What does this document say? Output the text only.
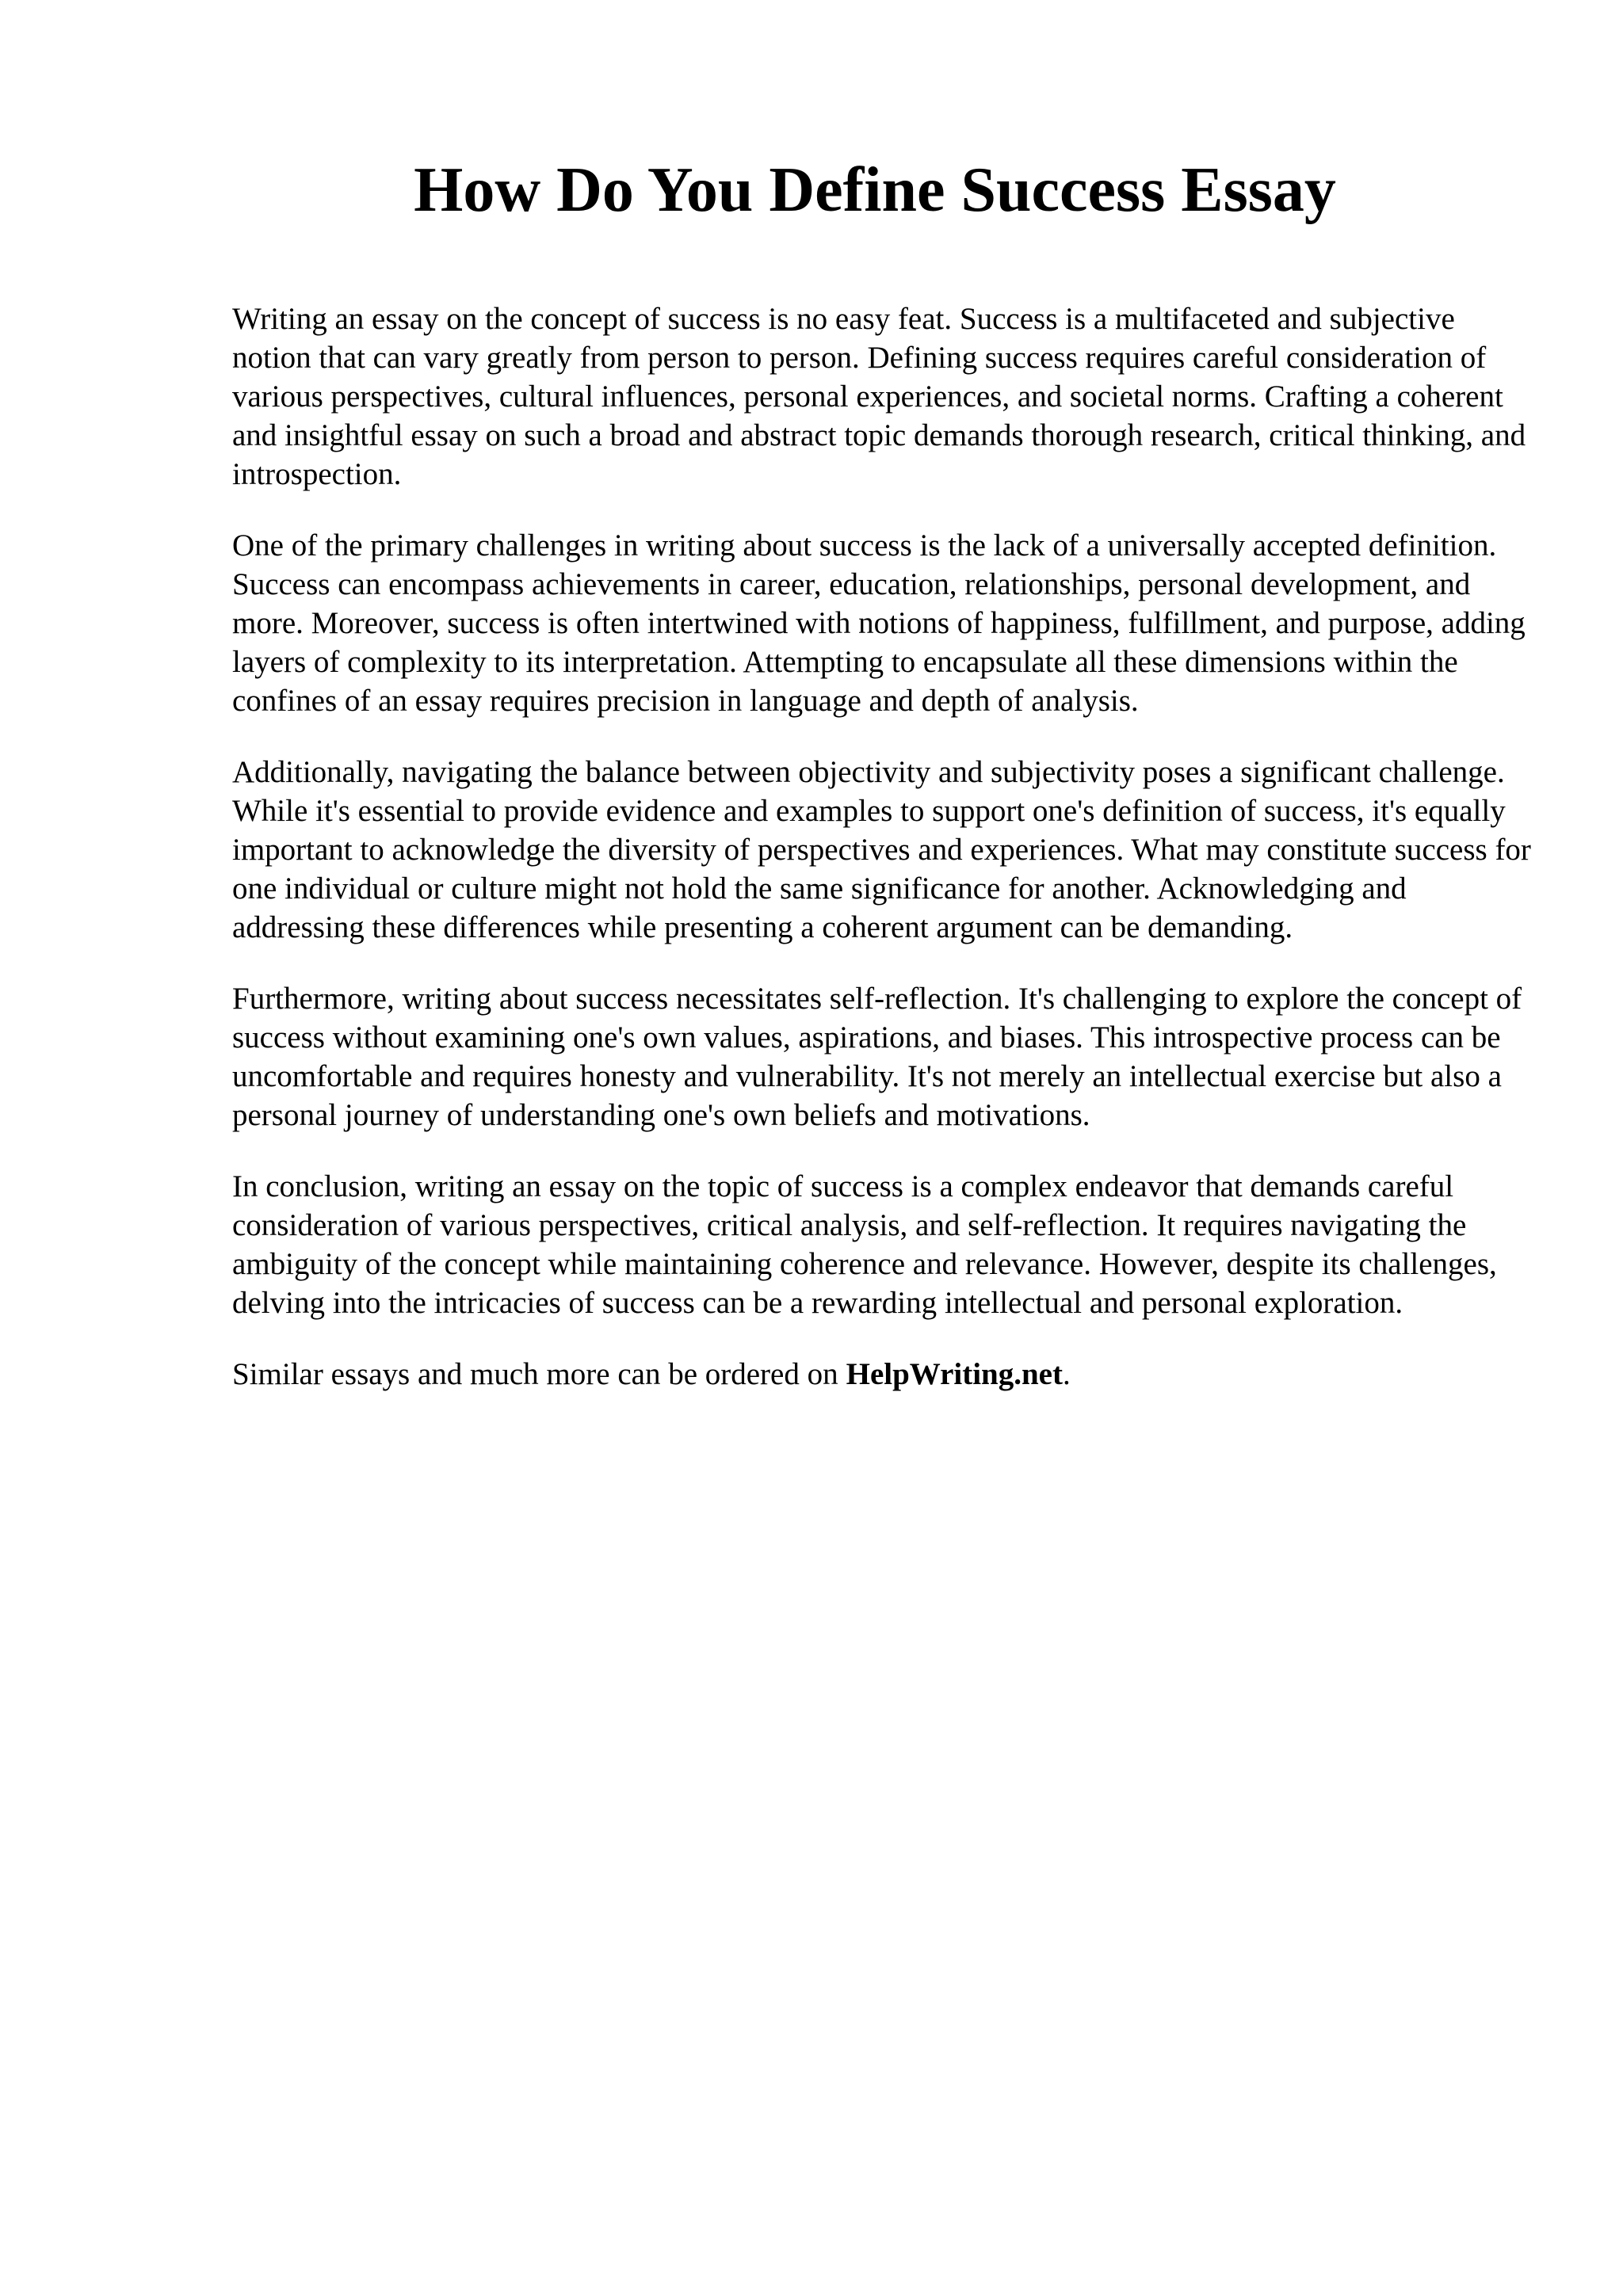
How Do You Define Success Essay

Writing an essay on the concept of success is no easy feat. Success is a multifaceted and subjective notion that can vary greatly from person to person. Defining success requires careful consideration of various perspectives, cultural influences, personal experiences, and societal norms. Crafting a coherent and insightful essay on such a broad and abstract topic demands thorough research, critical thinking, and introspection.

One of the primary challenges in writing about success is the lack of a universally accepted definition. Success can encompass achievements in career, education, relationships, personal development, and more. Moreover, success is often intertwined with notions of happiness, fulfillment, and purpose, adding layers of complexity to its interpretation. Attempting to encapsulate all these dimensions within the confines of an essay requires precision in language and depth of analysis.

Additionally, navigating the balance between objectivity and subjectivity poses a significant challenge. While it's essential to provide evidence and examples to support one's definition of success, it's equally important to acknowledge the diversity of perspectives and experiences. What may constitute success for one individual or culture might not hold the same significance for another. Acknowledging and addressing these differences while presenting a coherent argument can be demanding.

Furthermore, writing about success necessitates self-reflection. It's challenging to explore the concept of success without examining one's own values, aspirations, and biases. This introspective process can be uncomfortable and requires honesty and vulnerability. It's not merely an intellectual exercise but also a personal journey of understanding one's own beliefs and motivations.

In conclusion, writing an essay on the topic of success is a complex endeavor that demands careful consideration of various perspectives, critical analysis, and self-reflection. It requires navigating the ambiguity of the concept while maintaining coherence and relevance. However, despite its challenges, delving into the intricacies of success can be a rewarding intellectual and personal exploration.

Similar essays and much more can be ordered on HelpWriting.net.
